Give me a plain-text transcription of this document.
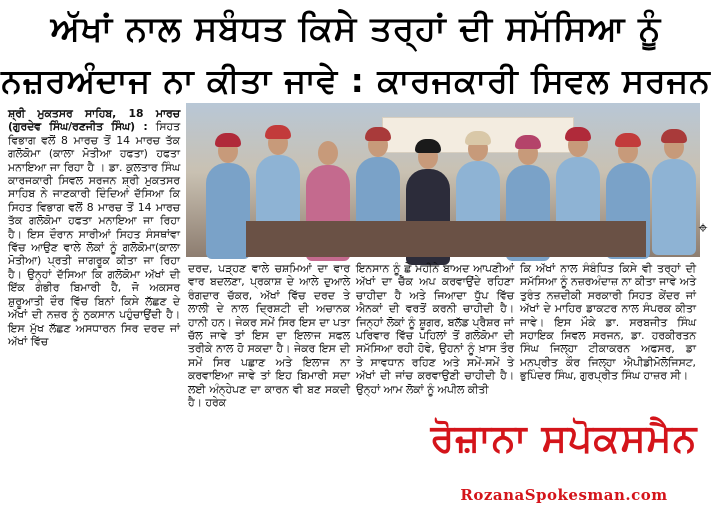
ਅੱਖਾਂ ਨਾਲ ਸਬੰਧਤ ਕਿਸੇ ਤਰ੍ਹਾਂ ਦੀ ਸਮੱਸਿਆ ਨੂੰ
ਨਜ਼ਰਅੰਦਾਜ ਨਾ ਕੀਤਾ ਜਾਵੇ : ਕਾਰਜਕਾਰੀ ਸਿਵਲ ਸਰਜਨ

ਸ਼੍ਰੀ ਮੁਕਤਸਰ ਸਾਹਿਬ, 18 ਮਾਰਚ (ਗੁਰਦੇਵ ਸਿੰਘ/ਰਣਜੀਤ ਸਿੰਘ) : ਸਿਹਤ ਵਿਭਾਗ ਵਲੋਂ 8 ਮਾਰਚ ਤੋਂ 14 ਮਾਰਚ ਤੱਕ ਗਲੋਕੋਮਾ (ਕਾਲਾ ਮੋਤੀਆ ਹਫਤਾ) ਹਫਤਾ ਮਨਾਇਆ ਜਾ ਰਿਹਾ ਹੈ । ਡਾ. ਕੁਲਤਾਰ ਸਿੰਘ ਕਾਰਜਕਾਰੀ ਸਿਵਲ ਸਰਜਨ ਸ਼੍ਰੀ ਮੁਕਤਸਰ ਸਾਹਿਬ ਨੇ ਜਾਣਕਾਰੀ ਦਿੰਦਿਆਂ ਦੱਸਿਆ ਕਿ ਸਿਹਤ ਵਿਭਾਗ ਵਲੋਂ 8 ਮਾਰਚ ਤੋਂ 14 ਮਾਰਚ ਤੱਕ ਗਲੋਕੋਮਾ ਹਫਤਾ ਮਨਾਇਆ ਜਾ ਰਿਹਾ ਹੈ। ਇਸ ਦੌਰਾਨ ਸਾਰੀਆਂ ਸਿਹਤ ਸੰਸਥਾਂਵਾ ਵਿੱਚ ਆਉਣ ਵਾਲੇ ਲੋਕਾਂ ਨੂੰ ਗਲੋਕੋਮਾ(ਕਾਲਾ ਮੋਤੀਆ) ਪ੍ਰਤੀ ਜਾਗਰੂਕ ਕੀਤਾ ਜਾ ਰਿਹਾ ਹੈ। ਉਨ੍ਹਾਂ ਦੱਸਿਆ ਕਿ ਗਲੋਕੋਮਾ ਅੱਖਾਂ ਦੀ ਇੱਕ ਗੰਭੀਰ ਬਿਮਾਰੀ ਹੈ, ਜੋ ਅਕਸਰ ਸ਼ੁਰੂਆਤੀ ਦੌਰ ਵਿੱਚ ਬਿਨਾਂ ਕਿਸੇ ਲੱਛਣ ਦੇ ਅੱਖਾਂ ਦੀ ਨਜ਼ਰ ਨੂੰ ਨੁਕਸਾਨ ਪਹੁੰਚਾਉਂਦੀ ਹੈ। ਇਸ ਮੁੱਖ ਲੱਛਣ ਅਸਧਾਰਨ ਸਿਰ ਦਰਦ ਜਾਂ ਅੱਖਾਂ ਵਿੱਚ

⌖

ਦਰਦ, ਪੜ੍ਹਣ ਵਾਲੇ ਚਸ਼ਮਿਆਂ ਦਾ ਵਾਰ ਵਾਰ ਬਦਲਣਾ, ਪ੍ਰਕਾਸ਼ ਦੇ ਆਲੇ ਦੁਆਲੇ ਰੰਗਦਾਰ ਚੱਕਰ, ਅੱਖਾਂ ਵਿੱਚ ਦਰਦ ਤੇ ਲਾਲੀ ਦੇ ਨਾਲ ਦ੍ਰਿਸ਼ਟੀ ਦੀ ਅਚਾਨਕ ਹਾਨੀ ਹਨ। ਜੇਕਰ ਸਮੇਂ ਸਿਰ ਇਸ ਦਾ ਪਤਾ ਚੱਲ ਜਾਵੇ ਤਾਂ ਇਸ ਦਾ ਇਲਾਜ ਸਫਲ ਤਰੀਕੇ ਨਾਲ ਹੋ ਸਕਦਾ ਹੈ। ਜੇਕਰ ਇਸ ਦੀ ਸਮੇਂ ਸਿਰ ਪਛਾਣ ਅਤੇ ਇਲਾਜ ਨਾ ਕਰਵਾਇਆ ਜਾਵੇ ਤਾਂ ਇਹ ਬਿਮਾਰੀ ਸਦਾ ਲਈ ਅੰਨ੍ਹੇਪਣ ਦਾ ਕਾਰਨ ਵੀ ਬਣ ਸਕਦੀ ਹੈ। ਹਰੇਕ

ਇਨਸਾਨ ਨੂੰ ਛੇ ਮਹੀਨੇ ਬਾਅਦ ਆਪਣੀਆਂ ਅੱਖਾਂ ਦਾ ਚੈੱਕ ਅਪ ਕਰਵਾਉਂਦੇ ਰਹਿਣਾ ਚਾਹੀਦਾ ਹੈ ਅਤੇ ਜਿਆਦਾ ਧੁੱਪ ਵਿੱਚ ਐਨਕਾਂ ਦੀ ਵਰਤੋਂ ਕਰਨੀ ਚਾਹੀਦੀ ਹੈ। ਜਿਨ੍ਹਾਂ ਲੋਕਾਂ ਨੂੰ ਸ਼ੂਗਰ, ਬਲੱਡ ਪ੍ਰੈਸ਼ਰ ਜਾਂ ਪਰਿਵਾਰ ਵਿੱਚ ਪਹਿਲਾਂ ਤੋਂ ਗਲੋਕੋਮਾ ਦੀ ਸਮੱਸਿਆ ਰਹੀ ਹੋਵੇ, ਉਹਨਾਂ ਨੂੰ ਖ਼ਾਸ ਤੌਰ ਤੇ ਸਾਵਧਾਨ ਰਹਿਣ ਅਤੇ ਸਮੇਂ-ਸਮੇਂ ਤੇ ਅੱਖਾਂ ਦੀ ਜਾਂਚ ਕਰਵਾਉਣੀ ਚਾਹੀਦੀ ਹੈ। ਉਨ੍ਹਾਂ ਆਮ ਲੋਕਾਂ ਨੂੰ ਅਪੀਲ ਕੀਤੀ

ਕਿ ਅੱਖਾਂ ਨਾਲ ਸੰਬੰਧਿਤ ਕਿਸੇ ਵੀ ਤਰ੍ਹਾਂ ਦੀ ਸਮੱਸਿਆ ਨੂੰ ਨਜ਼ਰਅੰਦਾਜ਼ ਨਾ ਕੀਤਾ ਜਾਵੇ ਅਤੇ ਤੁਰੰਤ ਨਜ਼ਦੀਕੀ ਸਰਕਾਰੀ ਸਿਹਤ ਕੇਂਦਰ ਜਾਂ ਅੱਖਾਂ ਦੇ ਮਾਹਿਰ ਡਾਕਟਰ ਨਾਲ ਸੰਪਰਕ ਕੀਤਾ ਜਾਵੇ। ਇਸ ਮੌਕੇ ਡਾ. ਸਰਬਜੀਤ ਸਿੰਘ ਸਹਾਇਕ ਸਿਵਲ ਸਰਜਨ, ਡਾ. ਹਰਕੀਰਤਨ ਸਿੰਘ ਜਿਲ੍ਹਾ ਟੀਕਾਕਰਨ ਅਫਸਰ, ਡਾ ਮਨਪ੍ਰੀਤ ਕੌਰ ਜਿਲ੍ਹਾ ਐਪੀਡੀਮੋਲੋਜਿਸਟ, ਭੁਪਿੰਦਰ ਸਿੰਘ, ਗੁਰਪ੍ਰੀਤ ਸਿੰਘ ਹਾਜ਼ਰ ਸੀ।

ਰੋਜ਼ਾਨਾ ਸਪੋਕਸਮੈਨ
RozanaSpokesman.com
